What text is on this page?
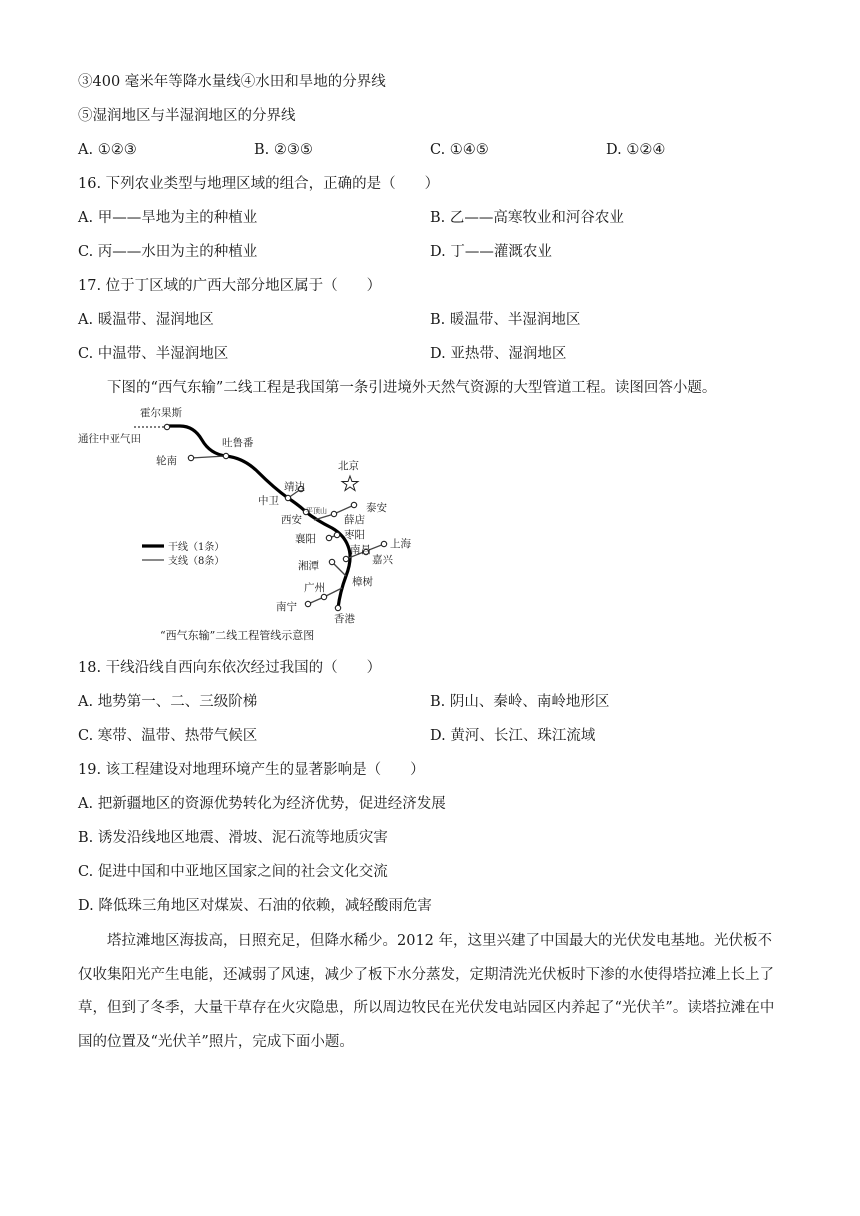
③400 毫米年等降水量线④水田和旱地的分界线
⑤湿润地区与半湿润地区的分界线
A. ①②③	B. ②③⑤	C. ①④⑤	D. ①②④
16. 下列农业类型与地理区域的组合，正确的是（　　）
A. 甲——旱地为主的种植业	B. 乙——高寒牧业和河谷农业
C. 丙——水田为主的种植业	D. 丁——灌溉农业
17. 位于丁区域的广西大部分地区属于（　　）
A. 暖温带、湿润地区	B. 暖温带、半湿润地区
C. 中温带、半湿润地区	D. 亚热带、湿润地区
下图的“西气东输”二线工程是我国第一条引进境外天然气资源的大型管道工程。读图回答小题。
霍尔果斯
通往中亚气田	吐鲁番
轮南	北京
靖边
中卫
泰安
西安	薛店
枣阳
襄阳	上海
南昌
嘉兴
湘潭
樟树
广州
南宁
香港
平顶山
干线（1条）
支线（8条）
“西气东输”二线工程管线示意图
18. 干线沿线自西向东依次经过我国的（　　）
A. 地势第一、二、三级阶梯	B. 阴山、秦岭、南岭地形区
C. 寒带、温带、热带气候区	D. 黄河、长江、珠江流域
19. 该工程建设对地理环境产生的显著影响是（　　）
A. 把新疆地区的资源优势转化为经济优势，促进经济发展
B. 诱发沿线地区地震、滑坡、泥石流等地质灾害
C. 促进中国和中亚地区国家之间的社会文化交流
D. 降低珠三角地区对煤炭、石油的依赖，减轻酸雨危害

塔拉滩地区海拔高，日照充足，但降水稀少。2012 年，这里兴建了中国最大的光伏发电基地。光伏板不仅收集阳光产生电能，还减弱了风速，减少了板下水分蒸发，定期清洗光伏板时下渗的水使得塔拉滩上长上了草，但到了冬季，大量干草存在火灾隐患，所以周边牧民在光伏发电站园区内养起了“光伏羊”。读塔拉滩在中国的位置及“光伏羊”照片，完成下面小题。
